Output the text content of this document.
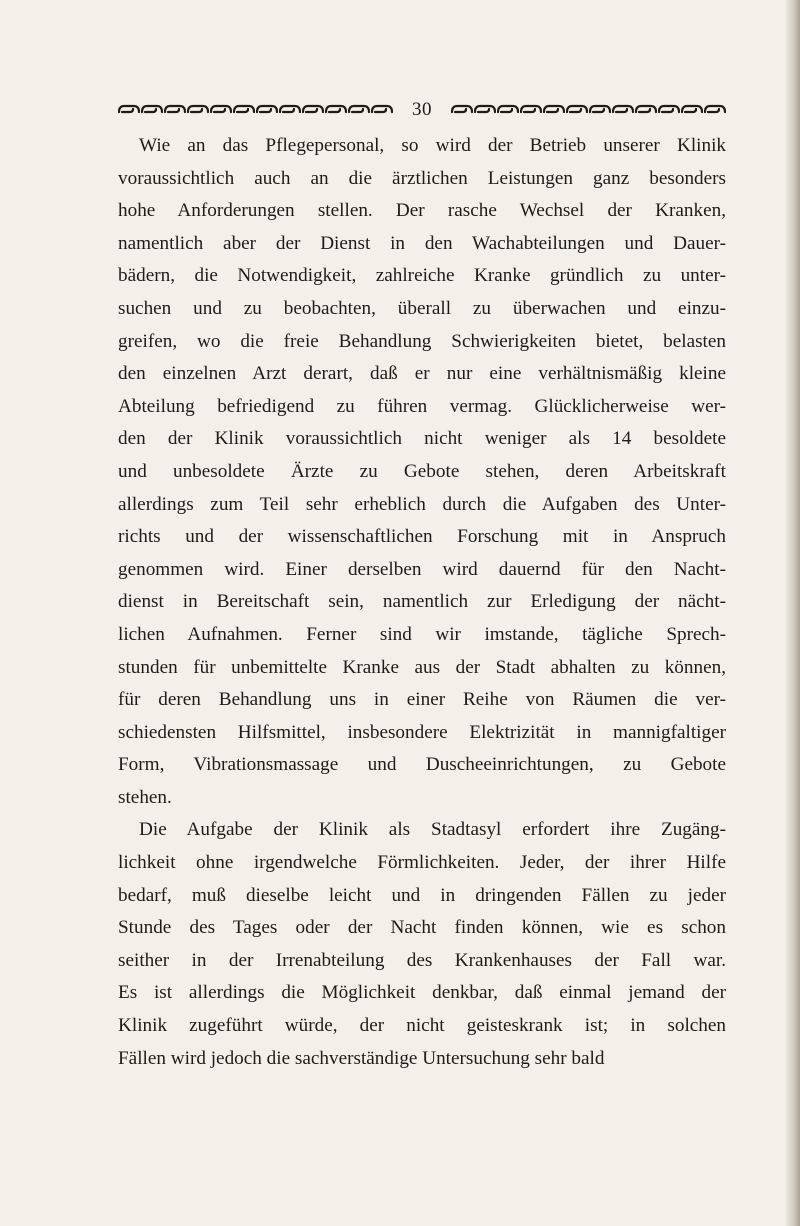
30

Wie an das Pflegepersonal, so wird der Betrieb unserer Klinik
voraussichtlich auch an die ärztlichen Leistungen ganz besonders
hohe Anforderungen stellen. Der rasche Wechsel der Kranken,
namentlich aber der Dienst in den Wachabteilungen und Dauer-
bädern, die Notwendigkeit, zahlreiche Kranke gründlich zu unter-
suchen und zu beobachten, überall zu überwachen und einzu-
greifen, wo die freie Behandlung Schwierigkeiten bietet, belasten
den einzelnen Arzt derart, daß er nur eine verhältnismäßig kleine
Abteilung befriedigend zu führen vermag. Glücklicherweise wer-
den der Klinik voraussichtlich nicht weniger als 14 besoldete
und unbesoldete Ärzte zu Gebote stehen, deren Arbeitskraft
allerdings zum Teil sehr erheblich durch die Aufgaben des Unter-
richts und der wissenschaftlichen Forschung mit in Anspruch
genommen wird. Einer derselben wird dauernd für den Nacht-
dienst in Bereitschaft sein, namentlich zur Erledigung der nächt-
lichen Aufnahmen. Ferner sind wir imstande, tägliche Sprech-
stunden für unbemittelte Kranke aus der Stadt abhalten zu können,
für deren Behandlung uns in einer Reihe von Räumen die ver-
schiedensten Hilfsmittel, insbesondere Elektrizität in mannigfaltiger
Form, Vibrationsmassage und Duscheeinrichtungen, zu Gebote
stehen.

Die Aufgabe der Klinik als Stadtasyl erfordert ihre Zugäng-
lichkeit ohne irgendwelche Förmlichkeiten. Jeder, der ihrer Hilfe
bedarf, muß dieselbe leicht und in dringenden Fällen zu jeder
Stunde des Tages oder der Nacht finden können, wie es schon
seither in der Irrenabteilung des Krankenhauses der Fall war.
Es ist allerdings die Möglichkeit denkbar, daß einmal jemand der
Klinik zugeführt würde, der nicht geisteskrank ist; in solchen
Fällen wird jedoch die sachverständige Untersuchung sehr bald
